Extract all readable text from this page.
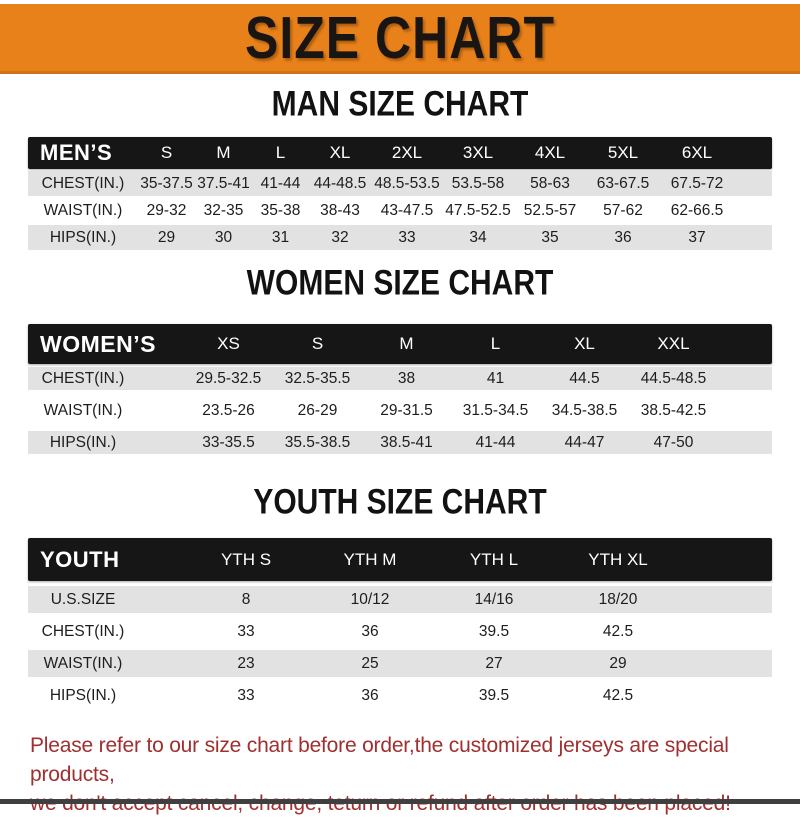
SIZE CHART
MAN SIZE CHART
MEN’S	S	M	L	XL	2XL	3XL	4XL	5XL	6XL
CHEST(IN.)	35-37.5 37.5-41 41-44 44-48.5 48.5-53.5 53.5-58	58-63	63-67.5	67.5-72
WAIST(IN.)	29-32	32-35	35-38	38-43	43-47.5 47.5-52.5 52.5-57	57-62	62-66.5
HIPS(IN.)	29	30	31	32	33	34	35	36	37
WOMEN SIZE CHART
WOMEN’S	XS	S	M	L	XL	XXL
CHEST(IN.)	29.5-32.5	32.5-35.5	38	41	44.5	44.5-48.5
WAIST(IN.)	23.5-26	26-29	29-31.5	31.5-34.5	34.5-38.5	38.5-42.5
HIPS(IN.)	33-35.5	35.5-38.5	38.5-41	41-44	44-47	47-50
YOUTH SIZE CHART
YOUTH	YTH S	YTH M	YTH L	YTH XL
U.S.SIZE	8	10/12	14/16	18/20
CHEST(IN.)	33	36	39.5	42.5
WAIST(IN.)	23	25	27	29
HIPS(IN.)	33	36	39.5	42.5
Please refer to our size chart before order,the customized jerseys are special products,
